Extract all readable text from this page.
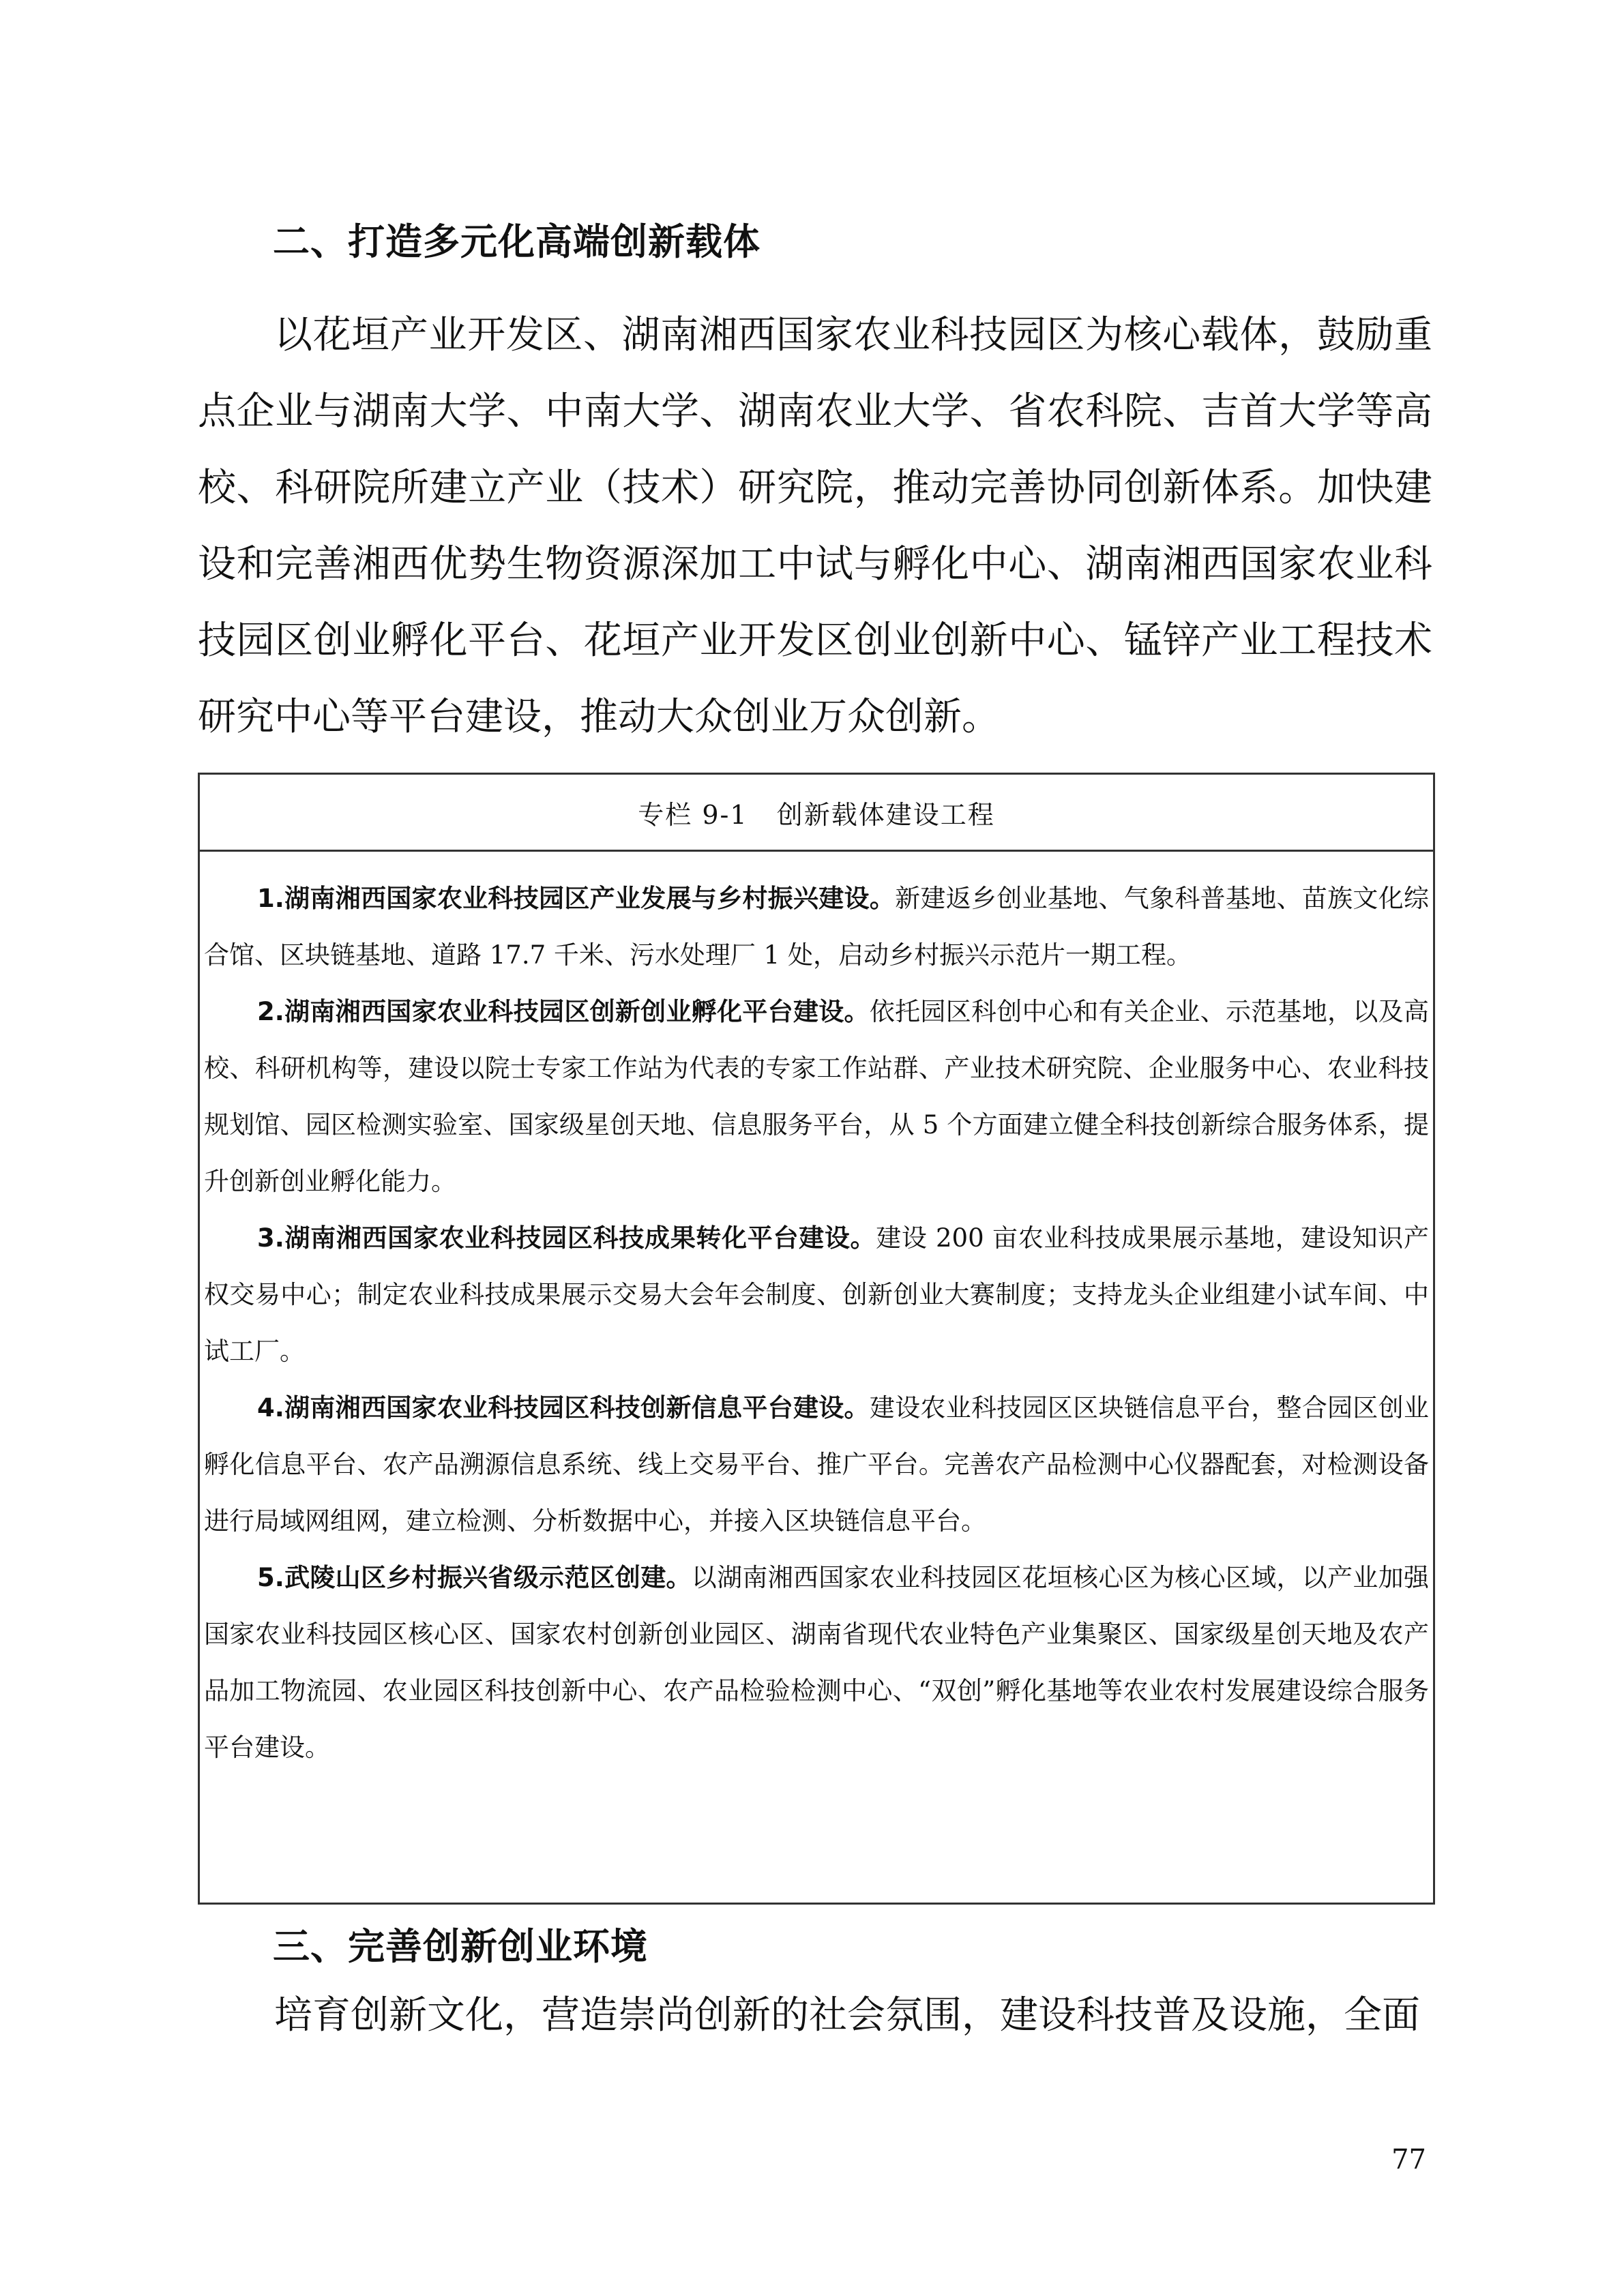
二、打造多元化高端创新载体

以花垣产业开发区、湖南湘西国家农业科技园区为核心载体，鼓励重点企业与湖南大学、中南大学、湖南农业大学、省农科院、吉首大学等高校、科研院所建立产业（技术）研究院，推动完善协同创新体系。加快建设和完善湘西优势生物资源深加工中试与孵化中心、湖南湘西国家农业科技园区创业孵化平台、花垣产业开发区创业创新中心、锰锌产业工程技术研究中心等平台建设，推动大众创业万众创新。

专栏 9-1   创新载体建设工程

1.湖南湘西国家农业科技园区产业发展与乡村振兴建设。新建返乡创业基地、气象科普基地、苗族文化综合馆、区块链基地、道路 17.7 千米、污水处理厂 1 处，启动乡村振兴示范片一期工程。

2.湖南湘西国家农业科技园区创新创业孵化平台建设。依托园区科创中心和有关企业、示范基地，以及高校、科研机构等，建设以院士专家工作站为代表的专家工作站群、产业技术研究院、企业服务中心、农业科技规划馆、园区检测实验室、国家级星创天地、信息服务平台，从 5 个方面建立健全科技创新综合服务体系，提升创新创业孵化能力。

3.湖南湘西国家农业科技园区科技成果转化平台建设。建设 200 亩农业科技成果展示基地，建设知识产权交易中心；制定农业科技成果展示交易大会年会制度、创新创业大赛制度；支持龙头企业组建小试车间、中试工厂。

4.湖南湘西国家农业科技园区科技创新信息平台建设。建设农业科技园区区块链信息平台，整合园区创业孵化信息平台、农产品溯源信息系统、线上交易平台、推广平台。完善农产品检测中心仪器配套，对检测设备进行局域网组网，建立检测、分析数据中心，并接入区块链信息平台。

5.武陵山区乡村振兴省级示范区创建。以湖南湘西国家农业科技园区花垣核心区为核心区域，以产业加强国家农业科技园区核心区、国家农村创新创业园区、湖南省现代农业特色产业集聚区、国家级星创天地及农产品加工物流园、农业园区科技创新中心、农产品检验检测中心、“双创”孵化基地等农业农村发展建设综合服务平台建设。

三、完善创新创业环境

培育创新文化，营造崇尚创新的社会氛围，建设科技普及设施，全面

77
